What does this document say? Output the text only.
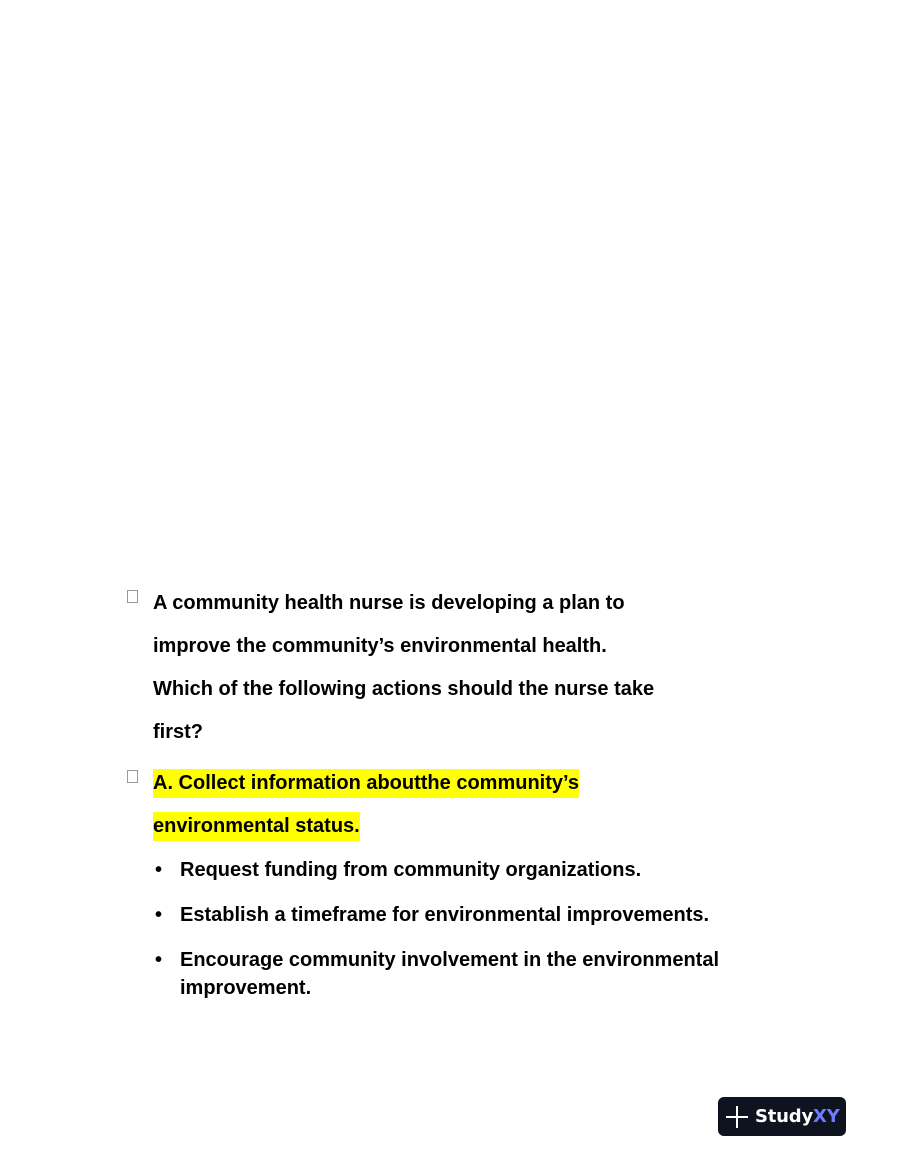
A community health nurse is developing a plan to
improve the community’s environmental health.
Which of the following actions should the nurse take
first?
A. Collect information aboutthe community’s
environmental status.
• Request funding from community organizations.
• Establish a timeframe for environmental improvements.
• Encourage community involvement in the environmental improvement.
StudyXY
